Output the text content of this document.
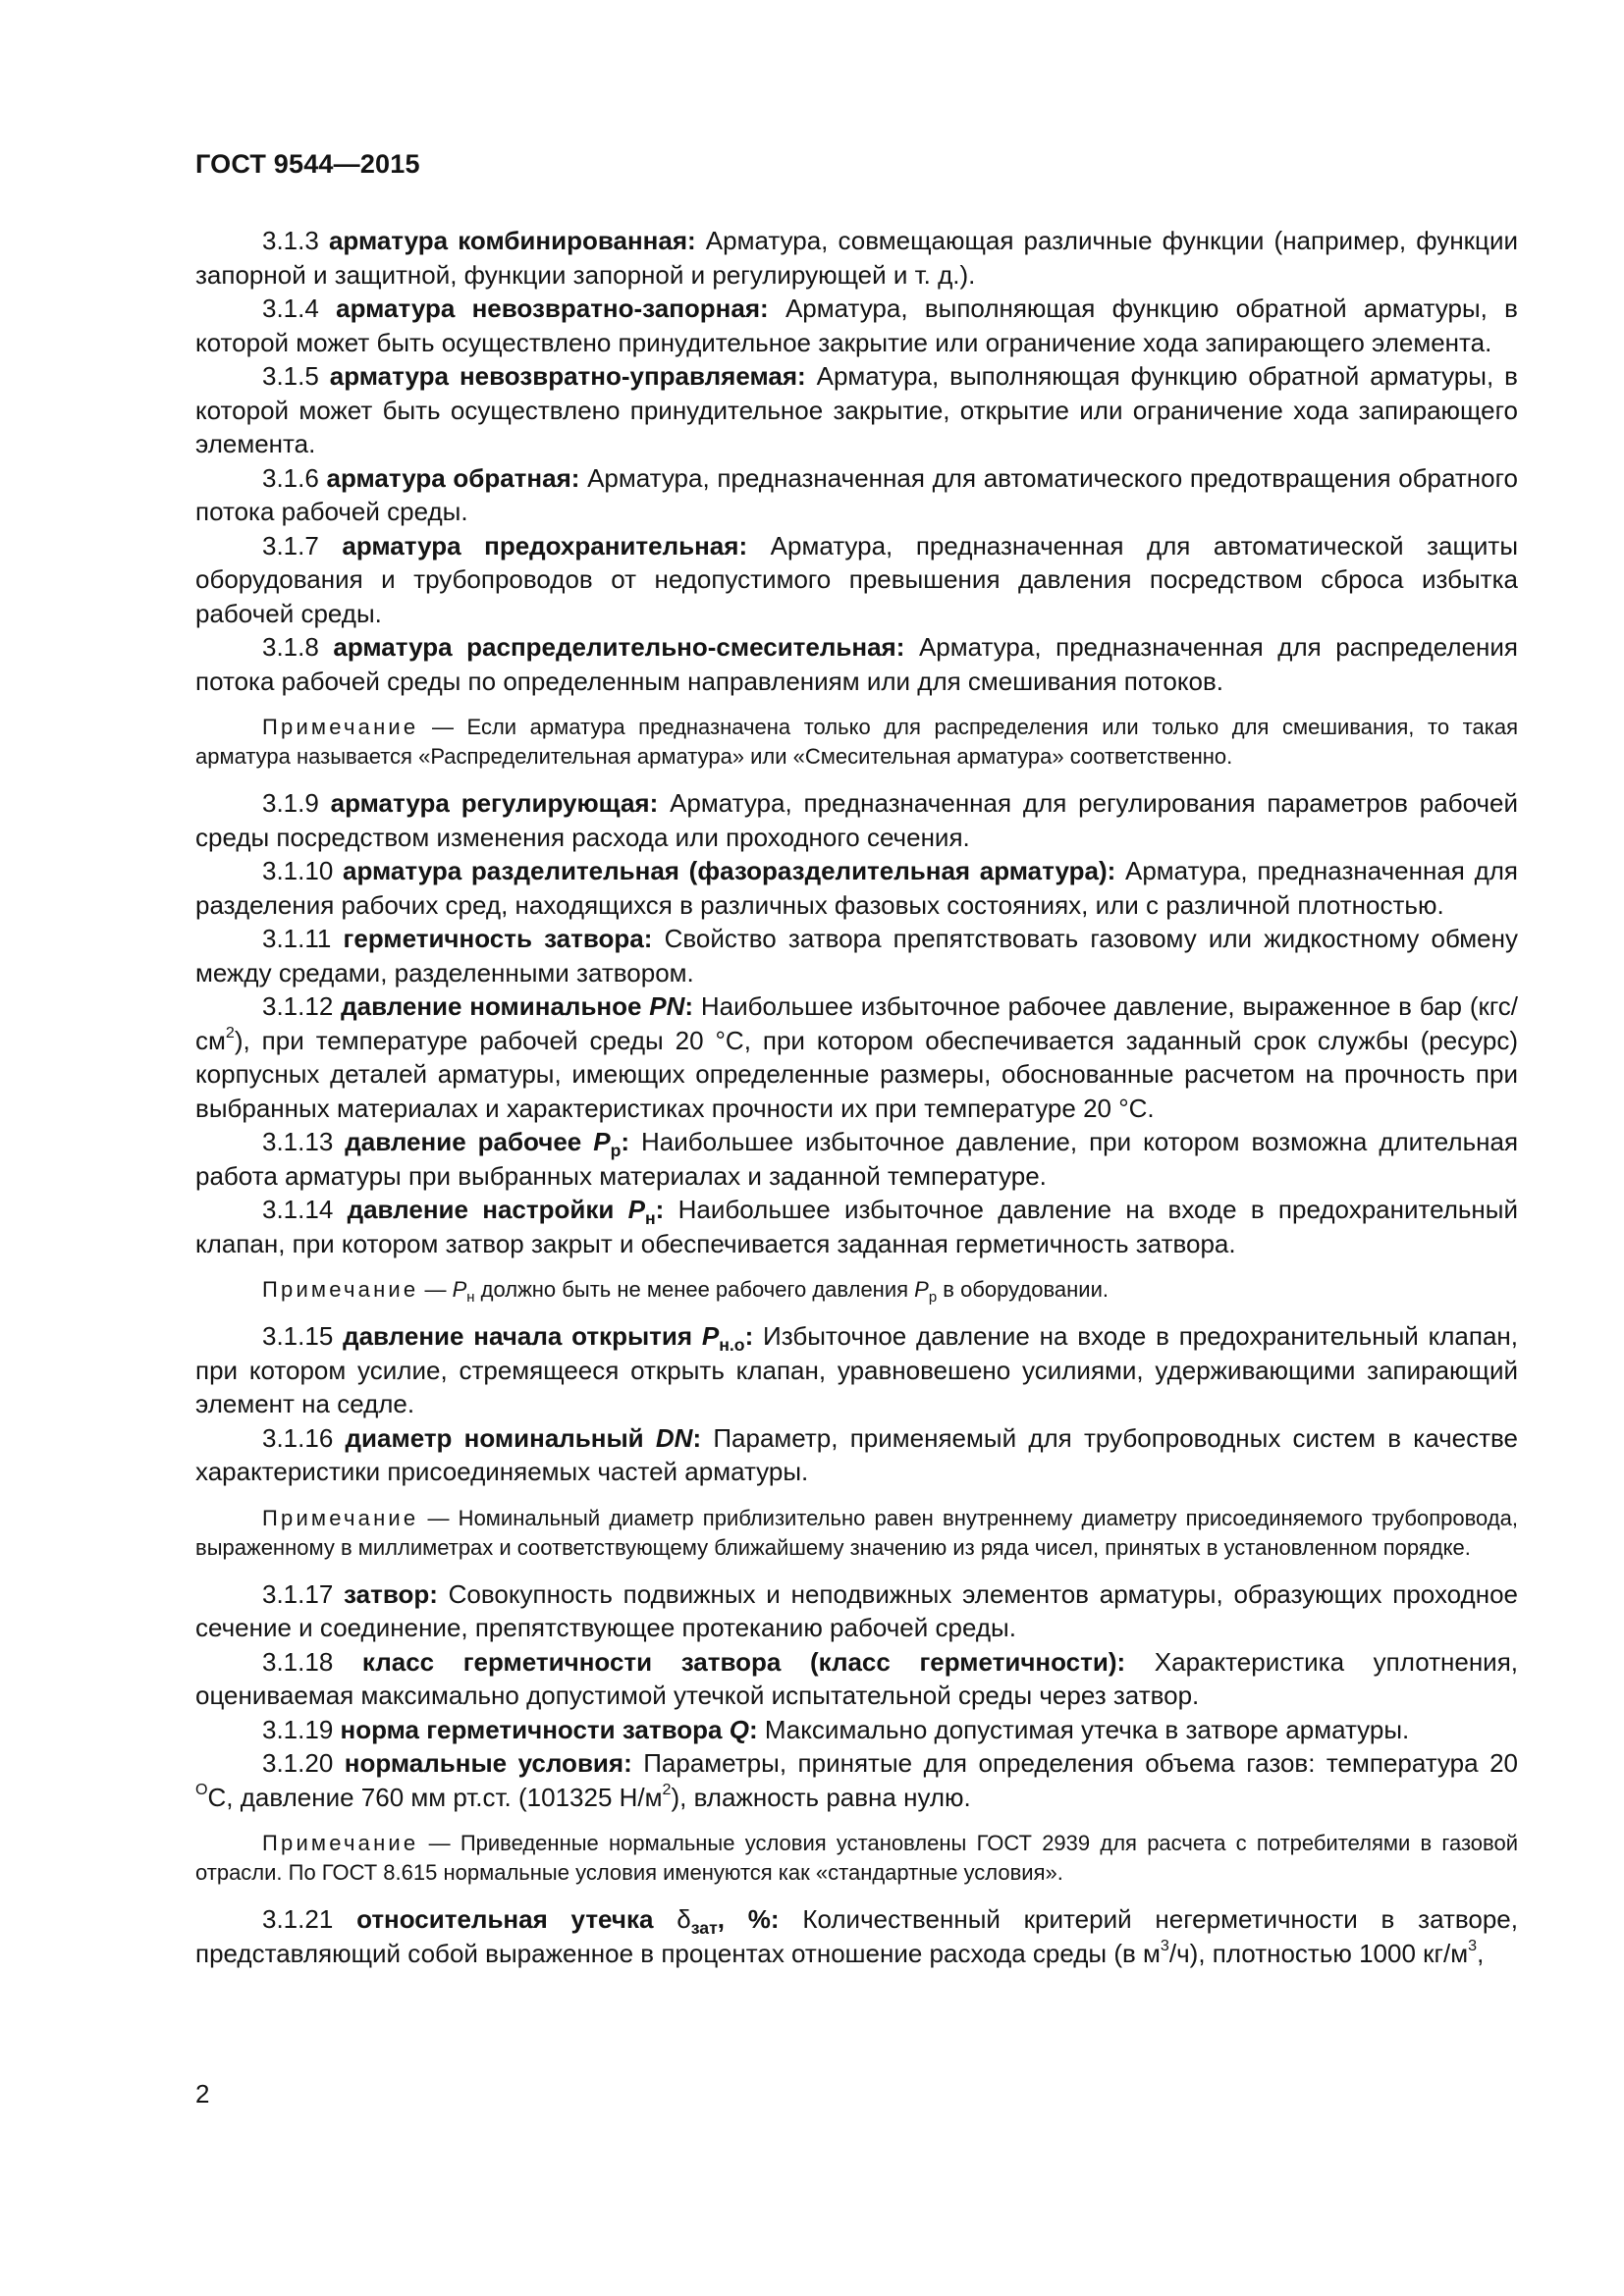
ГОСТ 9544—2015

3.1.3 арматура комбинированная: Арматура, совмещающая различные функции (например, функции запорной и защитной, функции запорной и регулирующей и т. д.).

3.1.4 арматура невозвратно-запорная: Арматура, выполняющая функцию обратной арматуры, в которой может быть осуществлено принудительное закрытие или ограничение хода запирающего элемента.

3.1.5 арматура невозвратно-управляемая: Арматура, выполняющая функцию обратной арматуры, в которой может быть осуществлено принудительное закрытие, открытие или ограничение хода запирающего элемента.

3.1.6 арматура обратная: Арматура, предназначенная для автоматического предотвращения обратного потока рабочей среды.

3.1.7 арматура предохранительная: Арматура, предназначенная для автоматической защиты оборудования и трубопроводов от недопустимого превышения давления посредством сброса избытка рабочей среды.

3.1.8 арматура распределительно-смесительная: Арматура, предназначенная для распределения потока рабочей среды по определенным направлениям или для смешивания потоков.

Примечание — Если арматура предназначена только для распределения или только для смешивания, то такая арматура называется «Распределительная арматура» или «Смесительная арматура» соответственно.

3.1.9 арматура регулирующая: Арматура, предназначенная для регулирования параметров рабочей среды посредством изменения расхода или проходного сечения.

3.1.10 арматура разделительная (фазоразделительная арматура): Арматура, предназначенная для разделения рабочих сред, находящихся в различных фазовых состояниях, или с различной плотностью.

3.1.11 герметичность затвора: Свойство затвора препятствовать газовому или жидкостному обмену между средами, разделенными затвором.

3.1.12 давление номинальное PN: Наибольшее избыточное рабочее давление, выраженное в бар $(кгс/см^2)$, при температуре рабочей среды 20 °С, при котором обеспечивается заданный срок службы (ресурс) корпусных деталей арматуры, имеющих определенные размеры, обоснованные расчетом на прочность при выбранных материалах и характеристиках прочности их при температуре 20 °С.

3.1.13 давление рабочее $P_р$: Наибольшее избыточное давление, при котором возможна длительная работа арматуры при выбранных материалах и заданной температуре.

3.1.14 давление настройки $P_н$: Наибольшее избыточное давление на входе в предохранительный клапан, при котором затвор закрыт и обеспечивается заданная герметичность затвора.

Примечание — $P_н$ должно быть не менее рабочего давления $P_р$ в оборудовании.

3.1.15 давление начала открытия $P_{н.о}$: Избыточное давление на входе в предохранительный клапан, при котором усилие, стремящееся открыть клапан, уравновешено усилиями, удерживающими запирающий элемент на седле.

3.1.16 диаметр номинальный DN: Параметр, применяемый для трубопроводных систем в качестве характеристики присоединяемых частей арматуры.

Примечание — Номинальный диаметр приблизительно равен внутреннему диаметру присоединяемого трубопровода, выраженному в миллиметрах и соответствующему ближайшему значению из ряда чисел, принятых в установленном порядке.

3.1.17 затвор: Совокупность подвижных и неподвижных элементов арматуры, образующих проходное сечение и соединение, препятствующее протеканию рабочей среды.

3.1.18 класс герметичности затвора (класс герметичности): Характеристика уплотнения, оцениваемая максимально допустимой утечкой испытательной среды через затвор.

3.1.19 норма герметичности затвора Q: Максимально допустимая утечка в затворе арматуры.

3.1.20 нормальные условия: Параметры, принятые для определения объема газов: температура 20 $^О$С, давление 760 мм рт.ст. (101325 $Н/м^2$), влажность равна нулю.

Примечание — Приведенные нормальные условия установлены ГОСТ 2939 для расчета с потребителями в газовой отрасли. По ГОСТ 8.615 нормальные условия именуются как «стандартные условия».

3.1.21 относительная утечка $\delta_{зат}$, %: Количественный критерий негерметичности в затворе, представляющий собой выраженное в процентах отношение расхода среды (в $м^3/ч$), плотностью 1000 $кг/м^3$,

2
